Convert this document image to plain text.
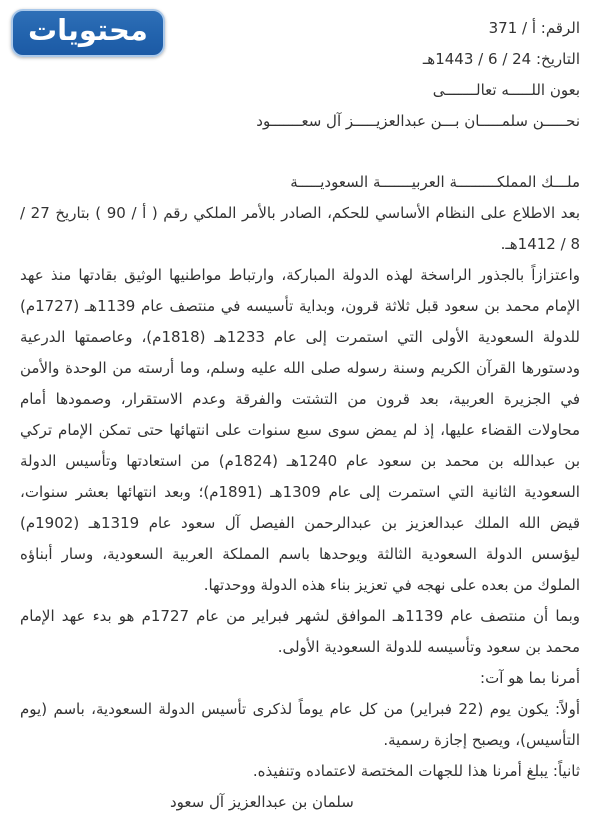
محتويات	الرقم: أ / 371

التاريخ: 24 / 6 / 1443هـ

بعون اللـــــه تعالـــــــى

نحـــــن سلمـــــان بـــن عبدالعزيـــــز آل سعـــــــود

ملـــك المملكـــــــــة العربيـــــــة السعوديـــــة

بعد الاطلاع على النظام الأساسي للحكم، الصادر بالأمر الملكي رقم ( أ / 90 ) بتاريخ 27 / 8 / 1412هـ.

واعتزازاً بالجذور الراسخة لهذه الدولة المباركة، وارتباط مواطنيها الوثيق بقادتها منذ عهد الإمام محمد بن سعود قبل ثلاثة قرون، وبداية تأسيسه في منتصف عام 1139هـ (1727م) للدولة السعودية الأولى التي استمرت إلى عام 1233هـ (1818م)، وعاصمتها الدرعية ودستورها القرآن الكريم وسنة رسوله صلى الله عليه وسلم، وما أرسته من الوحدة والأمن في الجزيرة العربية، بعد قرون من التشتت والفرقة وعدم الاستقرار، وصمودها أمام محاولات القضاء عليها، إذ لم يمض سوى سبع سنوات على انتهائها حتى تمكن الإمام تركي بن عبدالله بن محمد بن سعود عام 1240هـ (1824م) من استعادتها وتأسيس الدولة السعودية الثانية التي استمرت إلى عام 1309هـ (1891م)؛ وبعد انتهائها بعشر سنوات، قيض الله الملك عبدالعزيز بن عبدالرحمن الفيصل آل سعود عام 1319هـ (1902م) ليؤسس الدولة السعودية الثالثة ويوحدها باسم المملكة العربية السعودية، وسار أبناؤه الملوك من بعده على نهجه في تعزيز بناء هذه الدولة ووحدتها.

وبما أن منتصف عام 1139هـ الموافق لشهر فبراير من عام 1727م هو بدء عهد الإمام محمد بن سعود وتأسيسه للدولة السعودية الأولى.

أمرنا بما هو آت:

أولاً: يكون يوم (22 فبراير) من كل عام يوماً لذكرى تأسيس الدولة السعودية، باسم (يوم التأسيس)، ويصبح إجازة رسمية.

ثانياً: يبلغ أمرنا هذا للجهات المختصة لاعتماده وتنفيذه.

سلمان بن عبدالعزيز آل سعود
